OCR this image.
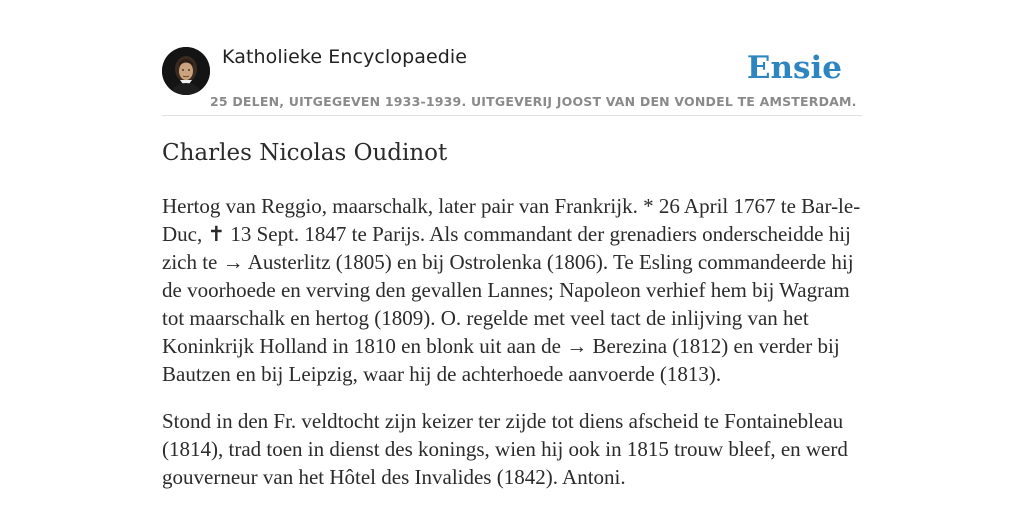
Katholieke Encyclopaedie	Ensie
25 DELEN, UITGEGEVEN 1933-1939. UITGEVERIJ JOOST VAN DEN VONDEL TE AMSTERDAM.
Charles Nicolas Oudinot

Hertog van Reggio, maarschalk, later pair van Frankrijk. * 26 April 1767 te Bar-le-Duc, ✝ 13 Sept. 1847 te Parijs. Als commandant der grenadiers onderscheidde hij zich te → Austerlitz (1805) en bij Ostrolenka (1806). Te Esling commandeerde hij de voorhoede en verving den gevallen Lannes; Napoleon verhief hem bij Wagram tot maarschalk en hertog (1809). O. regelde met veel tact de inlijving van het Koninkrijk Holland in 1810 en blonk uit aan de → Berezina (1812) en verder bij Bautzen en bij Leipzig, waar hij de achterhoede aanvoerde (1813).

Stond in den Fr. veldtocht zijn keizer ter zijde tot diens afscheid te Fontainebleau (1814), trad toen in dienst des konings, wien hij ook in 1815 trouw bleef, en werd gouverneur van het Hôtel des Invalides (1842). Antoni.
